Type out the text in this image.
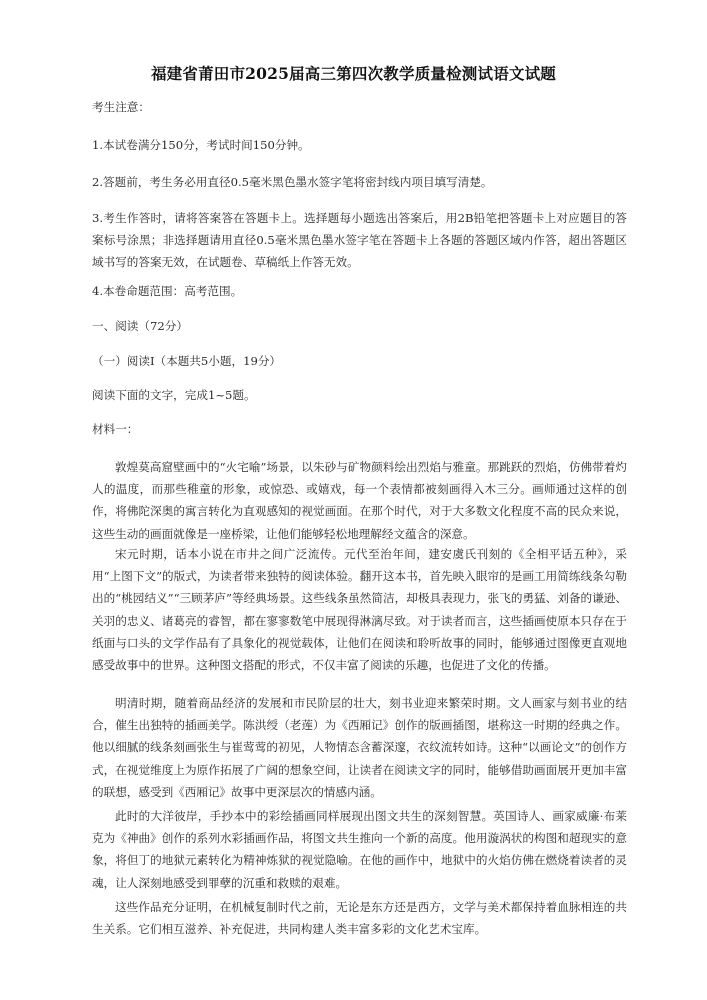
福建省莆田市2025届高三第四次教学质量检测试语文试题

考生注意：

1.本试卷满分150分，考试时间150分钟。

2.答题前，考生务必用直径0.5毫米黑色墨水签字笔将密封线内项目填写清楚。

3.考生作答时，请将答案答在答题卡上。选择题每小题选出答案后，用2B铅笔把答题卡上对应题目的答案标号涂黑；非选择题请用直径0.5毫米黑色墨水签字笔在答题卡上各题的答题区域内作答，超出答题区域书写的答案无效，在试题卷、草稿纸上作答无效。

4.本卷命题范围：高考范围。

一、阅读（72分）

（一）阅读Ⅰ（本题共5小题，19分）

阅读下面的文字，完成1~5题。

材料一：

敦煌莫高窟壁画中的“火宅喻”场景，以朱砂与矿物颜料绘出烈焰与雅童。那跳跃的烈焰，仿佛带着灼人的温度，而那些稚童的形象，或惊恐、或嬉戏，每一个表情都被刻画得入木三分。画师通过这样的创作，将佛陀深奥的寓言转化为直观感知的视觉画面。在那个时代，对于大多数文化程度不高的民众来说，这些生动的画面就像是一座桥梁，让他们能够轻松地理解经文蕴含的深意。

宋元时期，话本小说在市井之间广泛流传。元代至治年间，建安虞氏刊刻的《全相平话五种》，采用“上图下文”的版式，为读者带来独特的阅读体验。翻开这本书，首先映入眼帘的是画工用简练线条勾勒出的“桃园结义”“三顾茅庐”等经典场景。这些线条虽然简洁，却极具表现力，张飞的勇猛、刘备的谦逊、关羽的忠义、诸葛亮的睿智，都在寥寥数笔中展现得淋漓尽致。对于读者而言，这些插画使原本只存在于纸面与口头的文学作品有了具象化的视觉载体，让他们在阅读和聆听故事的同时，能够通过图像更直观地感受故事中的世界。这种图文搭配的形式，不仅丰富了阅读的乐趣，也促进了文化的传播。

明清时期，随着商品经济的发展和市民阶层的壮大，刻书业迎来繁荣时期。文人画家与刻书业的结合，催生出独特的插画美学。陈洪绶（老莲）为《西厢记》创作的版画插图，堪称这一时期的经典之作。他以细腻的线条刻画张生与崔莺莺的初见，人物情态含蓄深邃，衣纹流转如诗。这种“以画论文”的创作方式，在视觉维度上为原作拓展了广阔的想象空间，让读者在阅读文字的同时，能够借助画面展开更加丰富的联想，感受到《西厢记》故事中更深层次的情感内涵。

此时的大洋彼岸，手抄本中的彩绘插画同样展现出图文共生的深刻智慧。英国诗人、画家威廉·布莱克为《神曲》创作的系列水彩插画作品，将图文共生推向一个新的高度。他用漩涡状的构图和超现实的意象，将但丁的地狱元素转化为精神炼狱的视觉隐喻。在他的画作中，地狱中的火焰仿佛在燃烧着读者的灵魂，让人深刻地感受到罪孽的沉重和救赎的艰难。

这些作品充分证明，在机械复制时代之前，无论是东方还是西方，文学与美术都保持着血脉相连的共生关系。它们相互滋养、补充促进，共同构建人类丰富多彩的文化艺术宝库。
